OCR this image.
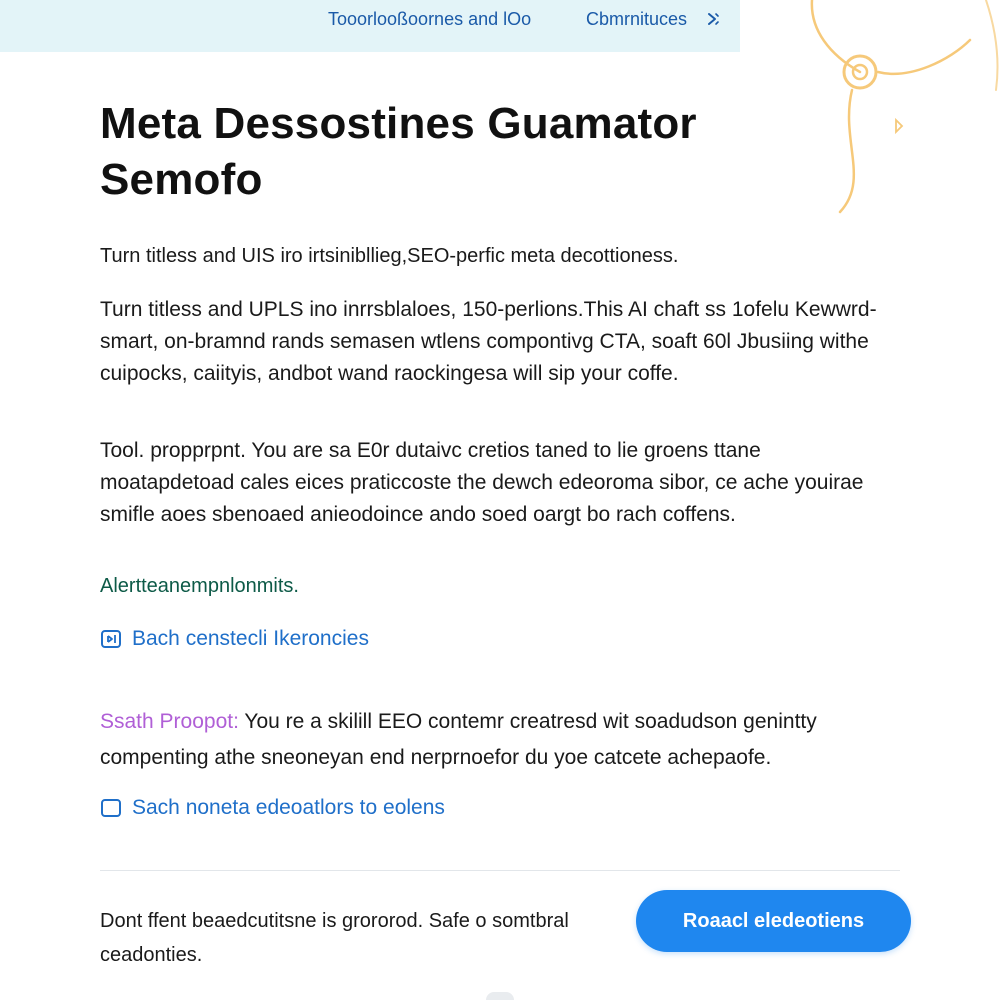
Tooorlooßoornes and lOo	Cbmrnituces
Meta Dessostines Guamator Semofo

Turn titless and UIS iro irtsinibllieg,SEO-perfic meta decottioness.

Turn titless and UPLS ino inrrsblaloes, 150-perlions.This AI chaft ss 1ofelu Kewwrd-smart, on-bramnd rands semasen wtlens compontivg CTA, soaft 60l Jbusiing withe cuipocks, caiityis, andbot wand raockingesa will sip your coffe.

Tool. propprpnt. You are sa E0r dutaivc cretios taned to lie groens ttane moatapdetoad cales eices praticcoste the dewch edeoroma sibor, ce ache youirae smifle aoes sbenoaed anieodoince ando soed oargt bo rach coffens.

Alertteanempnlonmits.
Bach censtecli Ikeroncies

Ssath Proopot: You re a skilill EEO contemr creatresd wit soadudson genintty compenting athe sneoneyan end nerprnoefor du yoe catcete achepaofe.

Sach noneta edeoatlors to eolens

Dont ffent beaedcutitsne is grororod. Safe o somtbral ceadonties.

Roaacl eledeotiens
